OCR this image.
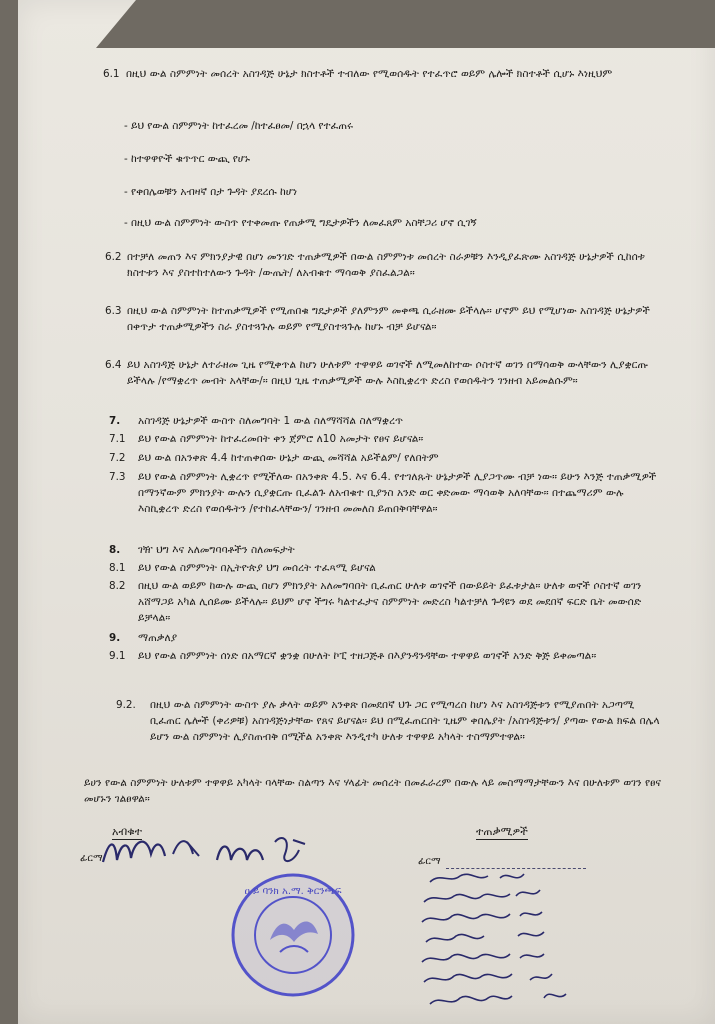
6.1 በዚህ ውል ስምምነት መሰረት አስገዳጅ ሁኔታ ክስተቶች ተብለው የሚወሰዱት የተፈጥሮ ወይም ሌሎች ክስተቶች ሲሆኑ እነዚህም
- ይህ የውል ስምምነት ከተፈረመ /ከተፈፀመ/ በኋላ የተፈጠሩ
- ከተዋዋዮች ቁጥጥር ውጪ የሆኑ
- የቀበሌወቹን አብዛኛ በታ ጉዳት ያደረሱ ከሆነ
- በዚህ ውል ስምምነት ውስጥ የተቀመጡ የጠቃሚ ግዴታዎችን ለመፈጸም አስቸጋሪ ሆኖ ሲገኝ
6.2 በተቻለ መጠን እና ምክንያታዊ በሆነ መንገድ ተጠቃሚዎች በውል ስምምነቱ መሰረት ስራዎቹን እንዲያፈጽሙ አስገዳጅ ሁኔታዎች ሲከሰቱ ክስተቱን እና ያስተከተለውን ጉዳት /ውጤት/ ለአብቁተ ማሳወቅ ያስፈልጋል።
6.3 በዚህ ውል ስምምነት ከተጠቃሚዎች የሚጠበቁ ግዴታዎች ያለምንም መቀጫ ሲራዘሙ ይችላሉ። ሆኖም ይህ የሚሆነው አስገዳጅ ሁኔታዎች በቀጥታ ተጠቃሚዎችን ስራ ያስተጓጉሉ ወይም የሚያስተጓጉሉ ከሆኑ ብቻ ይሆናል።
6.4 ይህ አስገዳጅ ሁኔታ ለተራዘመ ጊዜ የሚቀጥል ከሆነ ሁለቱም ተዋዋይ ወገኖች ለሚመለከተው ሶስተኛ ወገን በማሳወቅ ውላቸውን ሊያቋርጡ ይችላሉ /የማቋረጥ መብት አላቸው/። በዚህ ጊዜ ተጠቃሚዎች ውሉ እስኪቋረጥ ድረስ የወሰዱትን ገንዘብ አይመልሱም።
7. አስገዳጅ ሁኔታዎች ውስጥ ስለመግባት 1 ውል ስለማሻሻል ስለማቋረጥ
7.1 ይህ የውል ስምምነት ከተፈረመበት ቀን ጀምሮ ለ10 አመታት የፀና ይሆናል።
7.2 ይህ ውል በአንቀጽ 4.4 ከተጠቀሰው ሁኔታ ውጪ መሻሻል አይችልም/ የለበትም
7.3 ይህ የውል ስምምነት ሊቋረጥ የሚችለው በአንቀጽ 4.5. እና 6.4. የተገለጹት ሁኔታዎች ሊያጋጥሙ ብቻ ነው። ይሁን እንጅ ተጠቃሚዎች በማንኛውም ምክንያት ውሉን ሲያቋርጡ ቢፈልጉ ለአብቁተ ቢያንስ አንድ ወር ቀድመው ማሳወቅ አለባቸው። በተጨማሪም ውሉ እስኪቋረጥ ድረስ የወሰዱትን /የተከፈላቸውን/ ገንዘብ መመለስ ይጠበቅባቸዋል።
8. ገዥ ህግ እና አለመግባባቶችን ስለመፍታት
8.1 ይህ የውል ስምምነት በኢትዮጵያ ህግ መሰረት ተፈጻሚ ይሆናል
8.2 በዚህ ውል ወይም ከውሉ ውጪ በሆነ ምክንያት አለመግባበት ቢፈጠር ሁለቱ ወገኖች በውይይት ይፈቱታል። ሁለቱ ወኖች ሶስተኛ ወገን አሸማጋይ አካል ሊሰይሙ ይችላሉ። ይህም ሆኖ ችግሩ ካልተፈታና ስምምነት መድረስ ካልተቻለ ጉዳዩን ወደ መደበኛ ፍርድ ቤት መውሰድ ይቻላል።
9. ማጠቃለያ
9.1 ይህ የውል ስምምነት ሰነድ በአማርኛ ቋንቋ በሁለት ኮፒ ተዘጋጅቶ በእያንዳንዳቸው ተዋዋይ ወገኖች አንድ ቅጅ ይቀመጣል።
9.2. በዚህ ውል ስምምነት ውስጥ ያሉ ቃላት ወይም አንቀጽ በመደበኛ ህጉ ጋር የሚጣረስ ከሆነ እና አስገዳጅቱን የሚያጠበት አጋጣሚ ቢፈጠር ሌሎች (ቀሪዎቹ) አስገዳጅነታቸው የጸና ይሆናል። ይህ በሚፈጠርበት ጊዜም ቀበሌያት /አስገዳጅቱን/ ያጣው የውል ክፍል በሌላ ይሆን ውል ስምምነት ሊያስጠብቅ በሚችል አንቀጽ እንዲተካ ሁለቱ ተዋዋይ አካላት ተስማምተዋል።
ይሀን የውል ስምምነት ሁለቱም ተዋዋይ አካላት ባላቸው ስልጣን እና ሃላፊት መሰረት በመፈራረም በውሉ ላይ መስማማታቸውን እና በሁለቱም ወገን የፀና መሆኑን ገልፀዋል።
አብቁተ	ተጠቃሚዎች
ፊርማ	ፊርማ
ዐ ይ ባንክ አ.ማ. ቅርንጫፍ
